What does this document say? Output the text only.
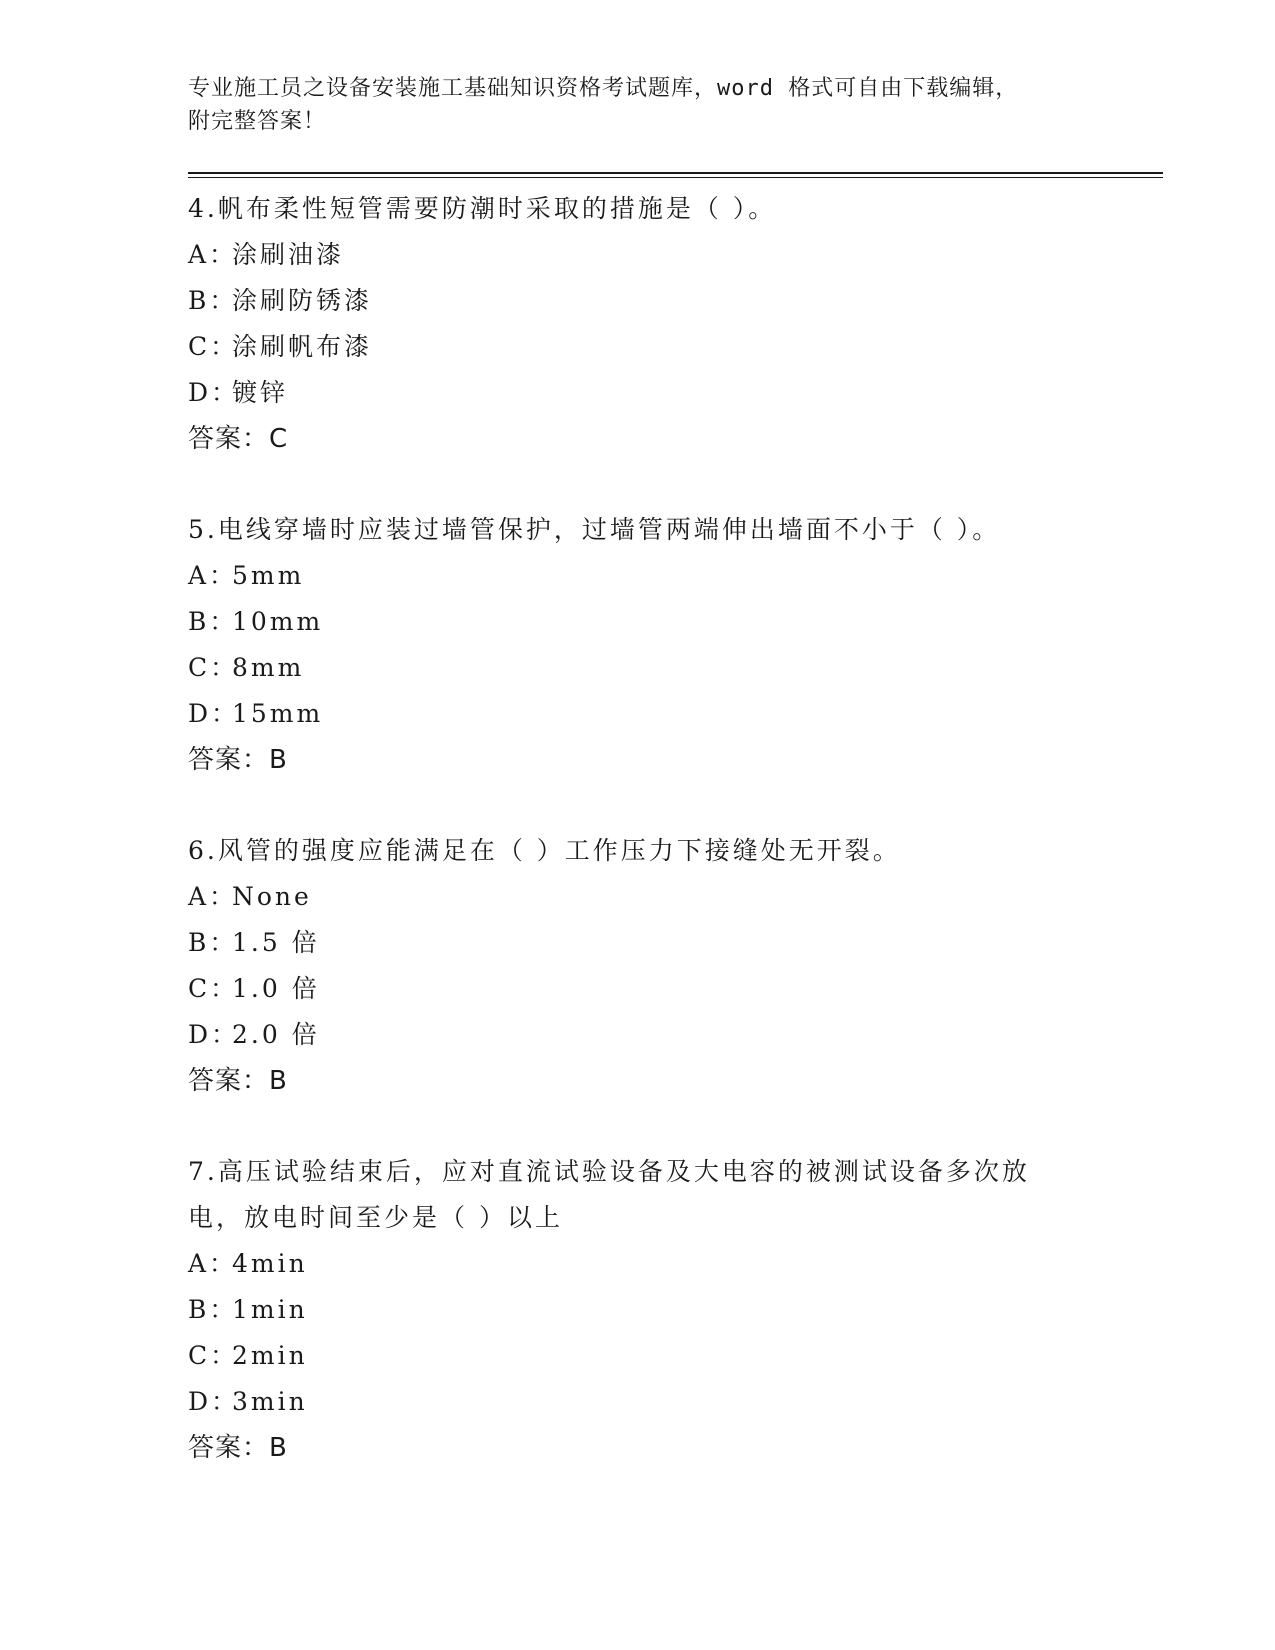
专业施工员之设备安装施工基础知识资格考试题库，word 格式可自由下载编辑，
附完整答案！
4.帆布柔性短管需要防潮时采取的措施是（ ）。
A：涂刷油漆
B：涂刷防锈漆
C：涂刷帆布漆
D：镀锌
答案：C
5.电线穿墙时应装过墙管保护，过墙管两端伸出墙面不小于（ ）。
A：5mm
B：10mm
C：8mm
D：15mm
答案：B
6.风管的强度应能满足在（ ）工作压力下接缝处无开裂。
A：None
B：1.5 倍
C：1.0 倍
D：2.0 倍
答案：B
7.高压试验结束后，应对直流试验设备及大电容的被测试设备多次放电，放电时间至少是（ ）以上
A：4min
B：1min
C：2min
D：3min
答案：B
